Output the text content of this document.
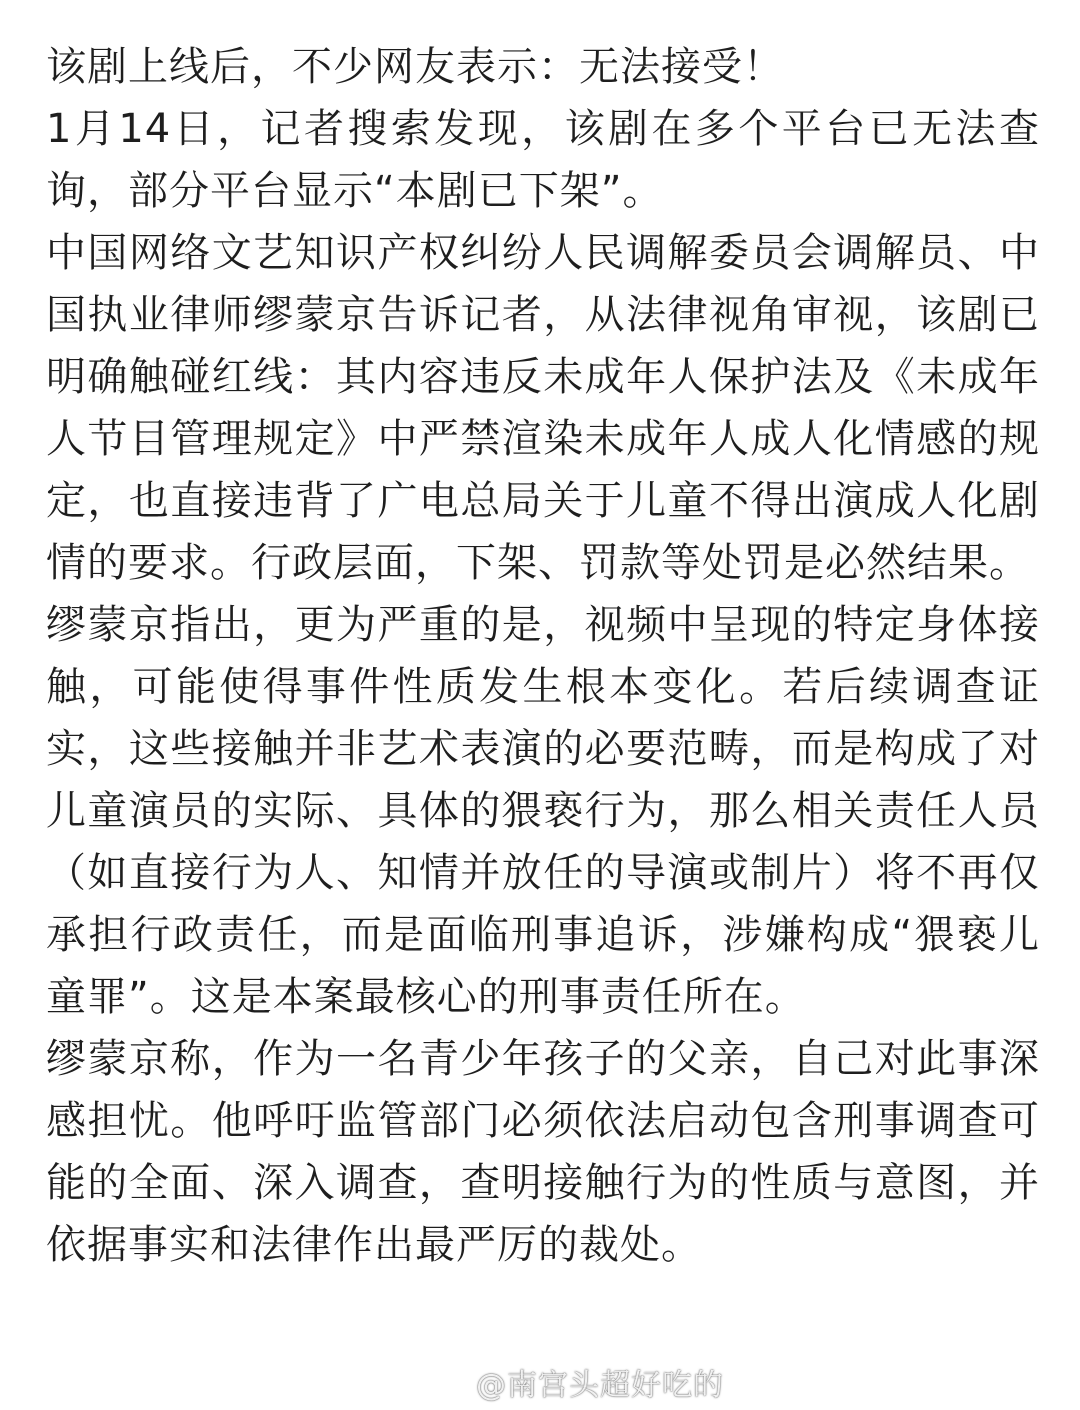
该剧上线后，不少网友表示：无法接受！

1月14日，记者搜索发现，该剧在多个平台已无法查询，部分平台显示“本剧已下架”。

中国网络文艺知识产权纠纷人民调解委员会调解员、中国执业律师缪蒙京告诉记者，从法律视角审视，该剧已明确触碰红线：其内容违反未成年人保护法及《未成年人节目管理规定》中严禁渲染未成年人成人化情感的规定，也直接违背了广电总局关于儿童不得出演成人化剧情的要求。行政层面，下架、罚款等处罚是必然结果。

缪蒙京指出，更为严重的是，视频中呈现的特定身体接触，可能使得事件性质发生根本变化。若后续调查证实，这些接触并非艺术表演的必要范畴，而是构成了对儿童演员的实际、具体的猥亵行为，那么相关责任人员（如直接行为人、知情并放任的导演或制片）将不再仅承担行政责任，而是面临刑事追诉，涉嫌构成“猥亵儿童罪”。这是本案最核心的刑事责任所在。

缪蒙京称，作为一名青少年孩子的父亲，自己对此事深感担忧。他呼吁监管部门必须依法启动包含刑事调查可能的全面、深入调查，查明接触行为的性质与意图，并依据事实和法律作出最严厉的裁处。

@南宫头超好吃的
